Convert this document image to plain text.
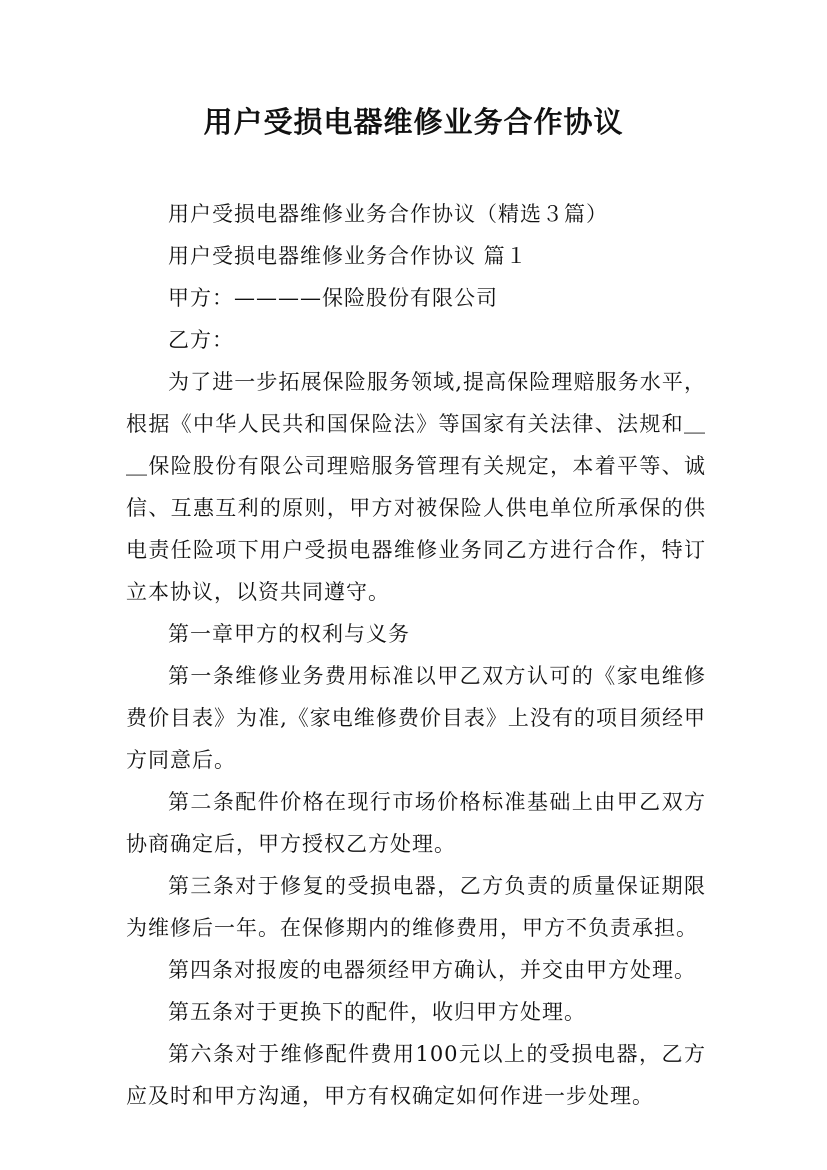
用户受损电器维修业务合作协议

用户受损电器维修业务合作协议（精选３篇）

用户受损电器维修业务合作协议 篇１

甲方：————保险股份有限公司

乙方：

为了进一步拓展保险服务领域,提高保险理赔服务水平，根据《中华人民共和国保险法》等国家有关法律、法规和＿＿保险股份有限公司理赔服务管理有关规定，本着平等、诚信、互惠互利的原则，甲方对被保险人供电单位所承保的供电责任险项下用户受损电器维修业务同乙方进行合作，特订立本协议，以资共同遵守。

第一章甲方的权利与义务

第一条维修业务费用标准以甲乙双方认可的《家电维修费价目表》为准,《家电维修费价目表》上没有的项目须经甲方同意后。

第二条配件价格在现行市场价格标准基础上由甲乙双方协商确定后，甲方授权乙方处理。

第三条对于修复的受损电器，乙方负责的质量保证期限为维修后一年。在保修期内的维修费用，甲方不负责承担。

第四条对报废的电器须经甲方确认，并交由甲方处理。

第五条对于更换下的配件，收归甲方处理。

第六条对于维修配件费用100元以上的受损电器，乙方应及时和甲方沟通，甲方有权确定如何作进一步处理。
